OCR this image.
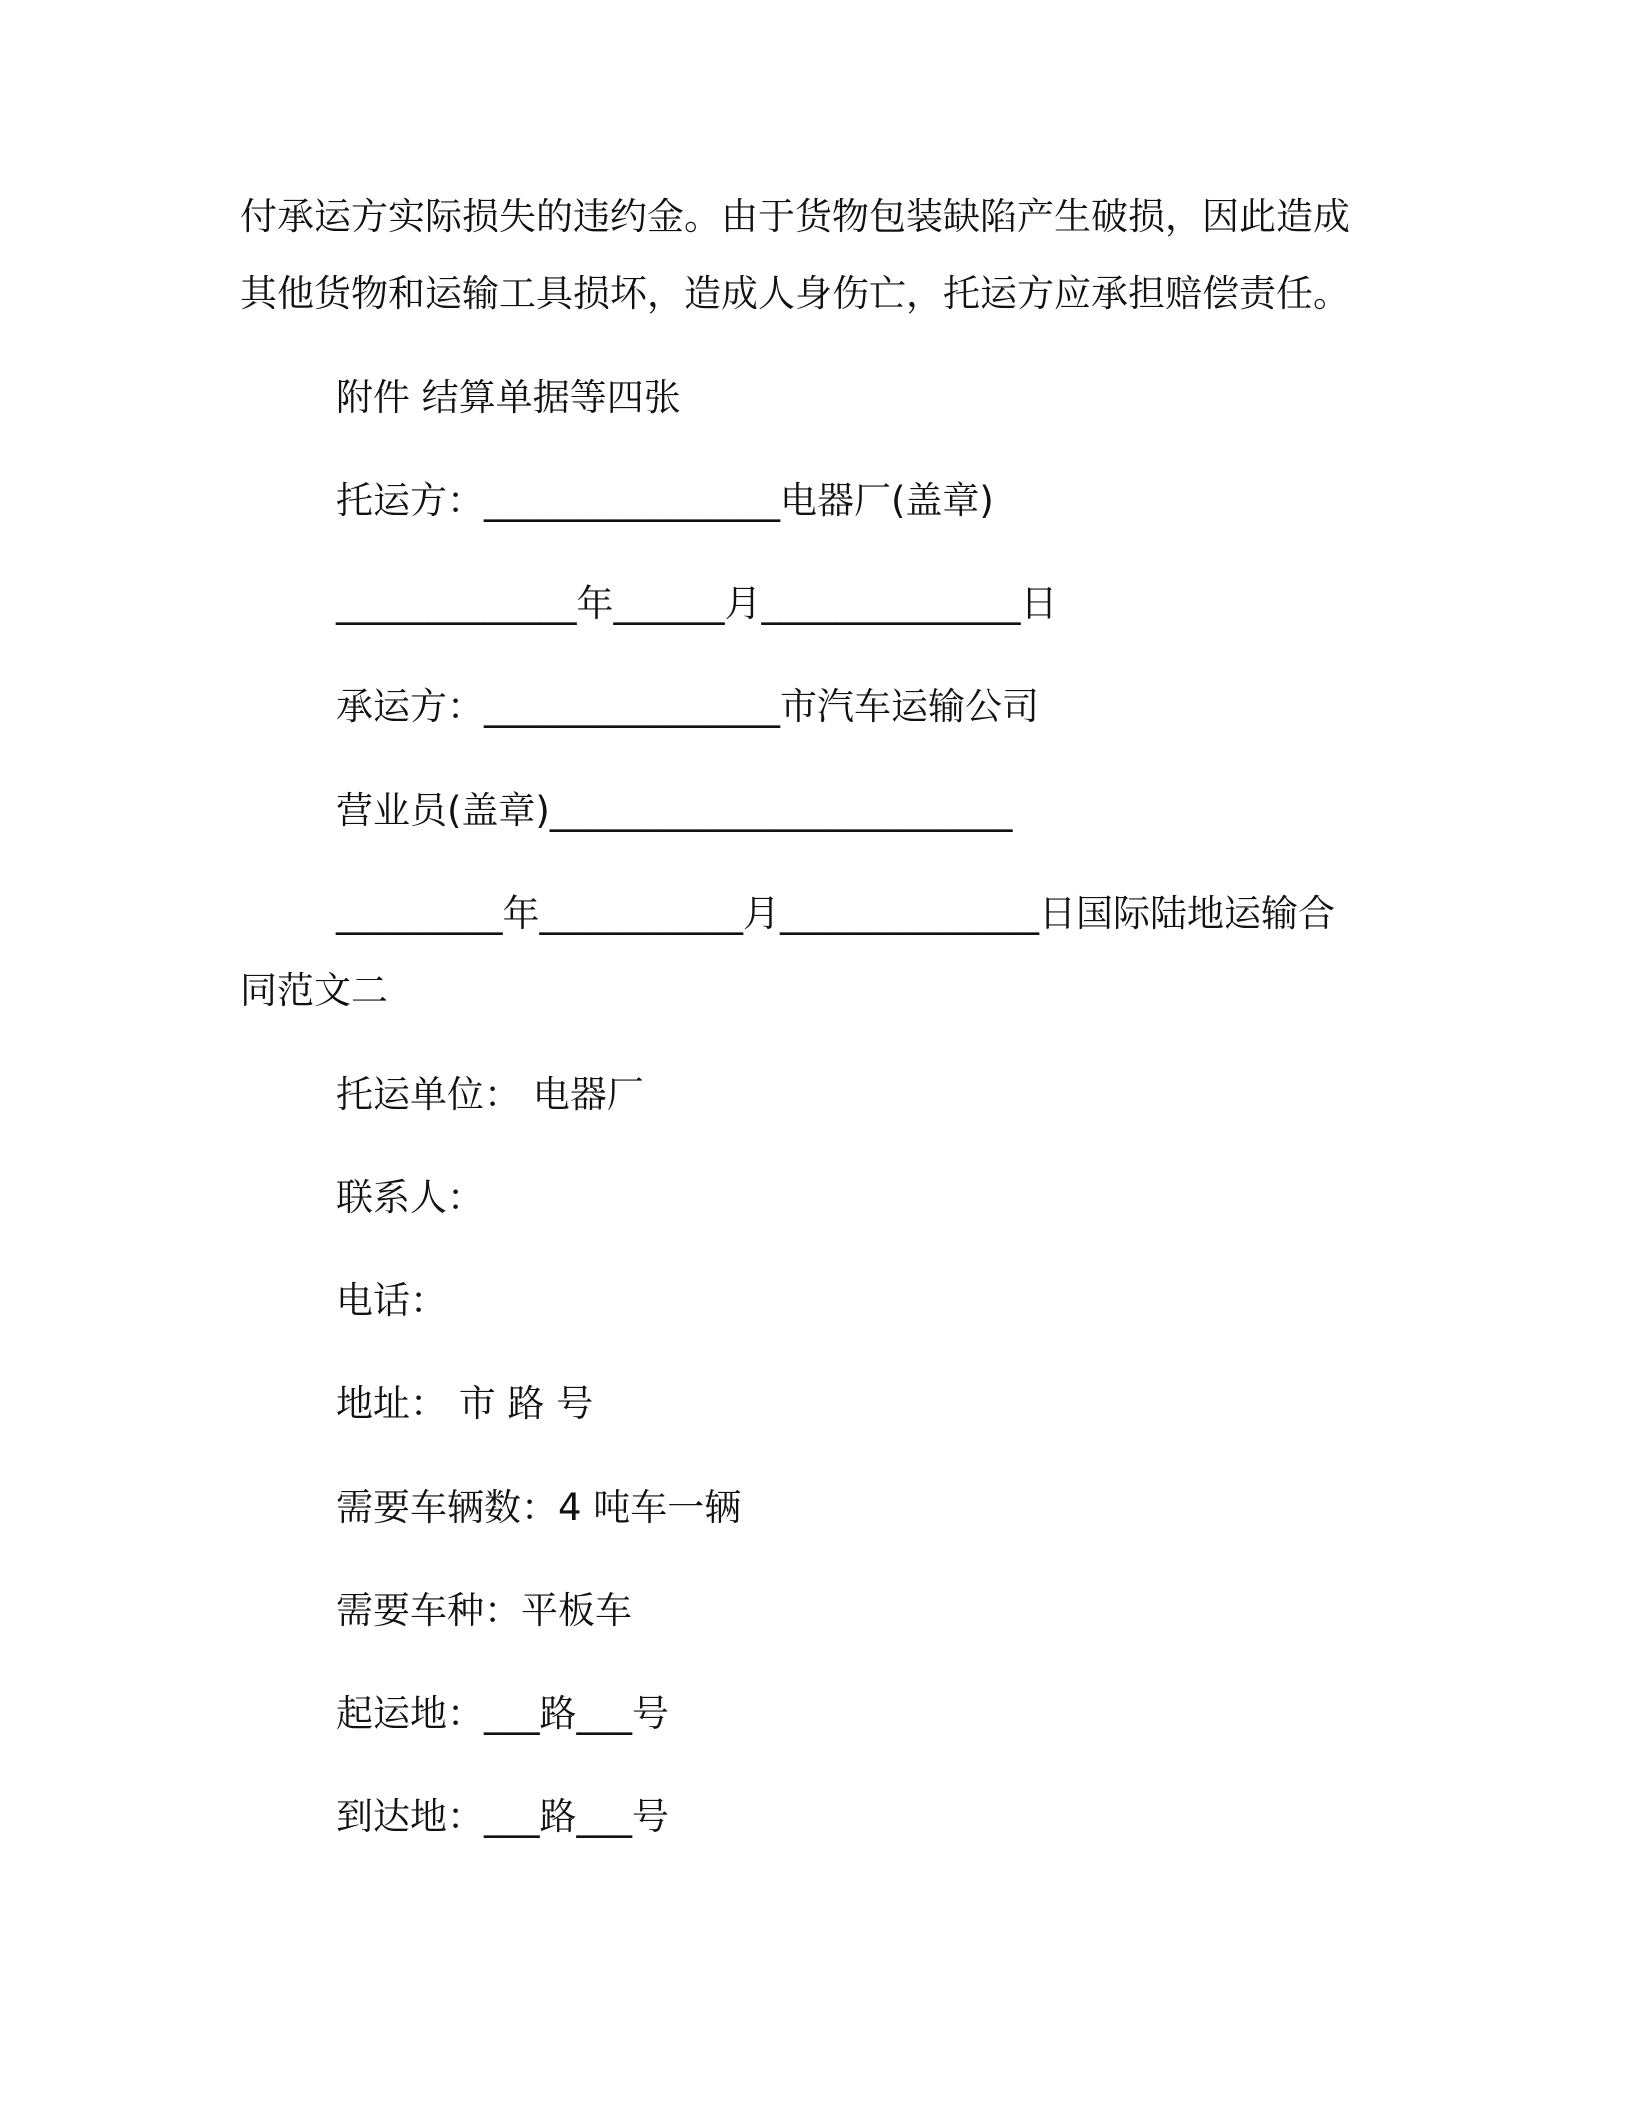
付承运方实际损失的违约金。由于货物包装缺陷产生破损，因此造成
其他货物和运输工具损坏，造成人身伤亡，托运方应承担赔偿责任。
附件 结算单据等四张
托运方：________________电器厂(盖章)
_____________年______月______________日
承运方：________________市汽车运输公司
营业员(盖章)_________________________
_________年___________月______________日国际陆地运输合
同范文二
托运单位： 电器厂
联系人：
电话：
地址： 市 路 号
需要车辆数：4 吨车一辆
需要车种：平板车
起运地：___路___号
到达地：___路___号
